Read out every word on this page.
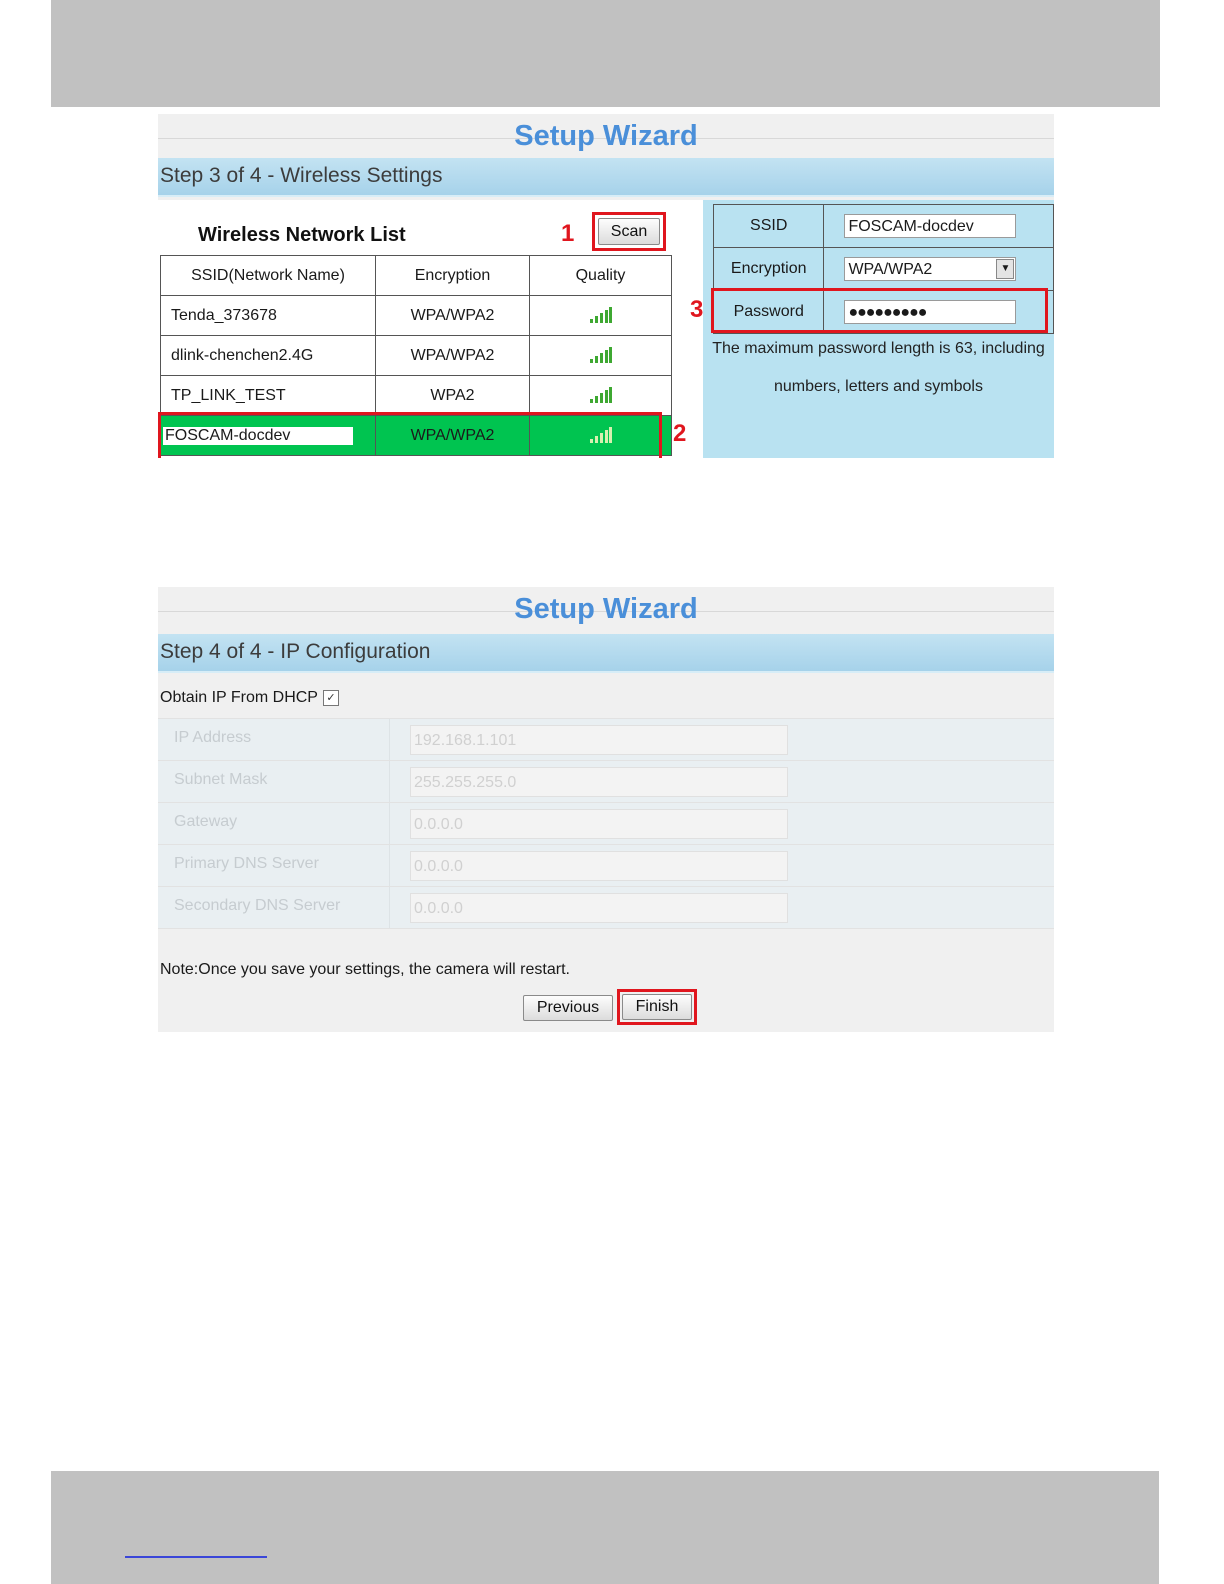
Setup Wizard
Step 3 of 4 - Wireless Settings
Wireless Network List	1	Scan
SSID(Network Name)	Encryption	Quality
Tenda_373678	WPA/WPA2	

dlink-chenchen2.4G	WPA/WPA2	

TP_LINK_TEST	WPA2	

FOSCAM-docdev	WPA/WPA2		2
SSID	FOSCAM-docdev
Encryption	WPA/WPA2 ▼

Password	●●●●●●●●●
The maximum password length is 63, including
numbers, letters and symbols
3
Setup Wizard
Step 4 of 4 - IP Configuration
Obtain IP From DHCP ✓
IP Address	192.168.1.101
Subnet Mask	255.255.255.0
Gateway	0.0.0.0
Primary DNS Server	0.0.0.0
Secondary DNS Server	0.0.0.0
Note:Once you save your settings, the camera will restart.
Previous	Finish
